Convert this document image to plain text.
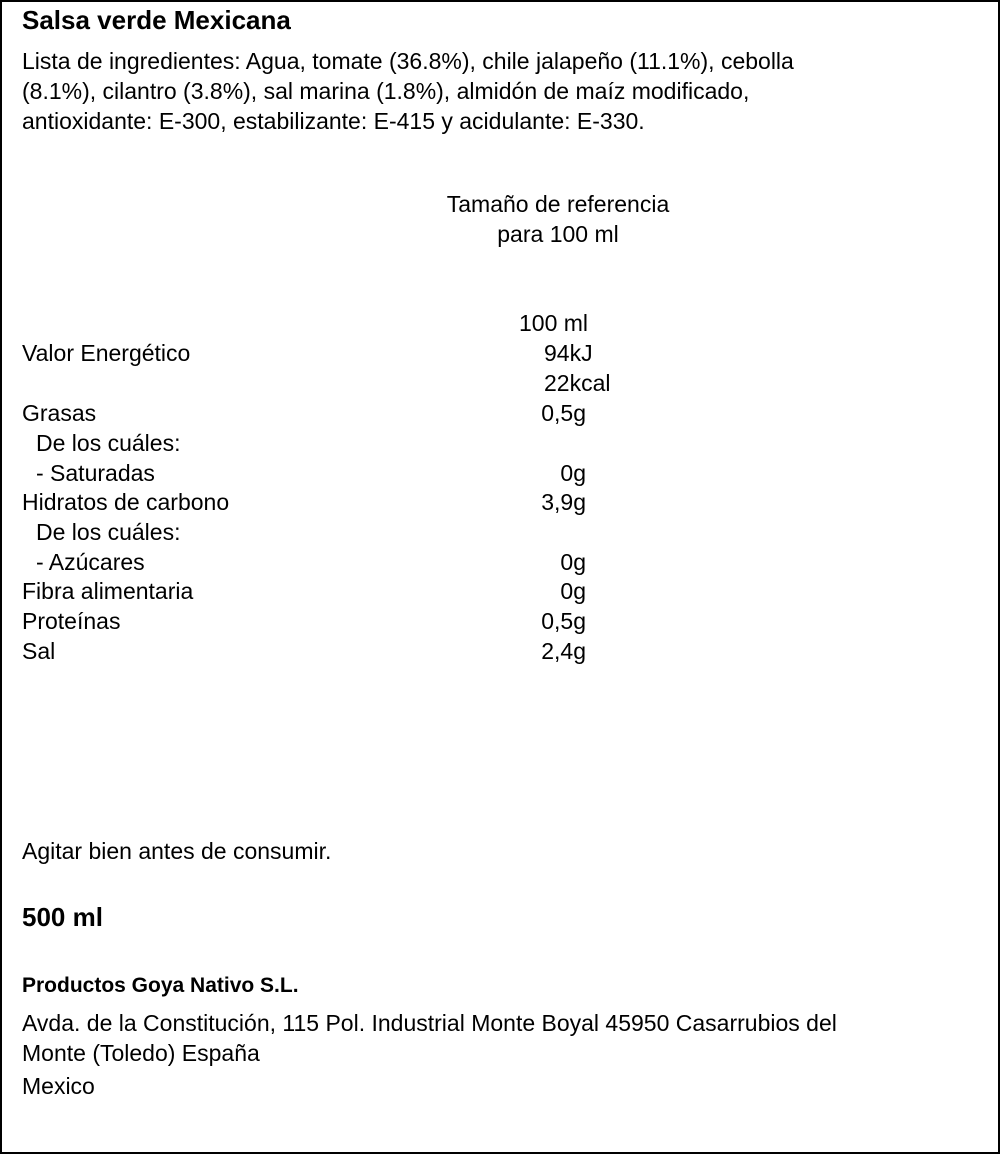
Salsa verde Mexicana
Lista de ingredientes: Agua, tomate (36.8%), chile jalapeño (11.1%), cebolla
(8.1%), cilantro (3.8%), sal marina (1.8%), almidón de maíz modificado,
antioxidante: E-300, estabilizante: E-415 y acidulante: E-330.
Tamaño de referencia
para 100 ml
100 ml
Valor Energético	94kJ
22kcal
Grasas	0,5g
De los cuáles:
- Saturadas	0g
Hidratos de carbono	3,9g
De los cuáles:
- Azúcares	0g
Fibra alimentaria	0g
Proteínas	0,5g
Sal	2,4g
Agitar bien antes de consumir.
500 ml
Productos Goya Nativo S.L.
Avda. de la Constitución, 115 Pol. Industrial Monte Boyal 45950 Casarrubios del
Monte (Toledo) España
Mexico
